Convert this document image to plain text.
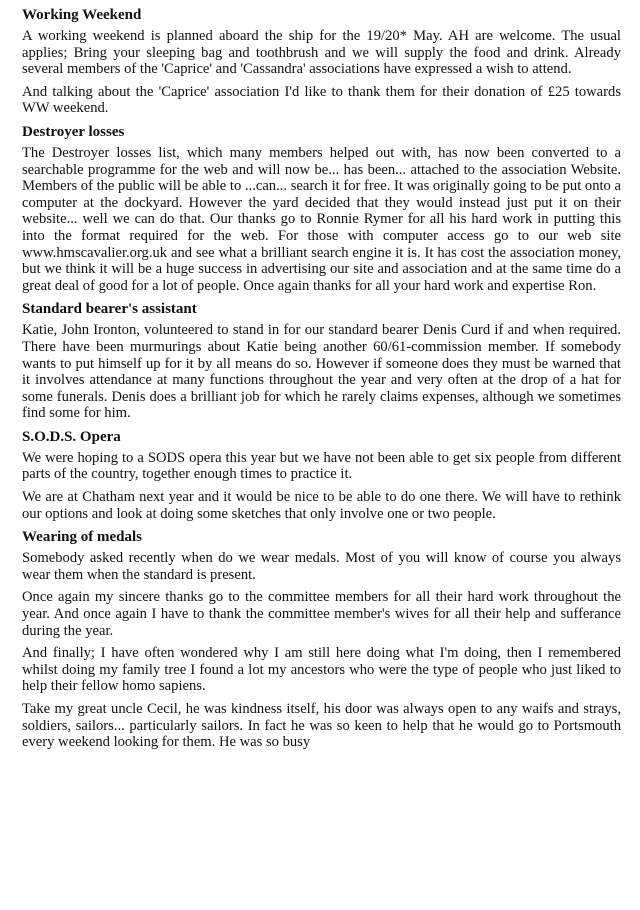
Working Weekend

A working weekend is planned aboard the ship for the 19/20* May. AH are welcome. The usual applies; Bring your sleeping bag and toothbrush and we will supply the food and drink. Already several members of the 'Caprice' and 'Cassandra' associations have expressed a wish to attend.

And talking about the 'Caprice' association I'd like to thank them for their donation of £25 towards WW weekend.

Destroyer losses

The Destroyer losses list, which many members helped out with, has now been converted to a searchable programme for the web and will now be... has been... attached to the association Website. Members of the public will be able to ...can... search it for free. It was originally going to be put onto a computer at the dockyard. However the yard decided that they would instead just put it on their website... well we can do that. Our thanks go to Ronnie Rymer for all his hard work in putting this into the format required for the web. For those with computer access go to our web site www.hmscavalier.org.uk and see what a brilliant search engine it is. It has cost the association money, but we think it will be a huge success in advertising our site and association and at the same time do a great deal of good for a lot of people. Once again thanks for all your hard work and expertise Ron.

Standard bearer's assistant

Katie, John Ironton, volunteered to stand in for our standard bearer Denis Curd if and when required. There have been murmurings about Katie being another 60/61-commission member. If somebody wants to put himself up for it by all means do so. However if someone does they must be warned that it involves attendance at many functions throughout the year and very often at the drop of a hat for some funerals. Denis does a brilliant job for which he rarely claims expenses, although we sometimes find some for him.

S.O.D.S. Opera

We were hoping to a SODS opera this year but we have not been able to get six people from different parts of the country, together enough times to practice it.

We are at Chatham next year and it would be nice to be able to do one there. We will have to rethink our options and look at doing some sketches that only involve one or two people.

Wearing of medals

Somebody asked recently when do we wear medals. Most of you will know of course you always wear them when the standard is present.

Once again my sincere thanks go to the committee members for all their hard work throughout the year. And once again I have to thank the committee member's wives for all their help and sufferance during the year.

And finally; I have often wondered why I am still here doing what I'm doing, then I remembered whilst doing my family tree I found a lot my ancestors who were the type of people who just liked to help their fellow homo sapiens.

Take my great uncle Cecil, he was kindness itself, his door was always open to any waifs and strays, soldiers, sailors... particularly sailors. In fact he was so keen to help that he would go to Portsmouth every weekend looking for them. He was so busy
